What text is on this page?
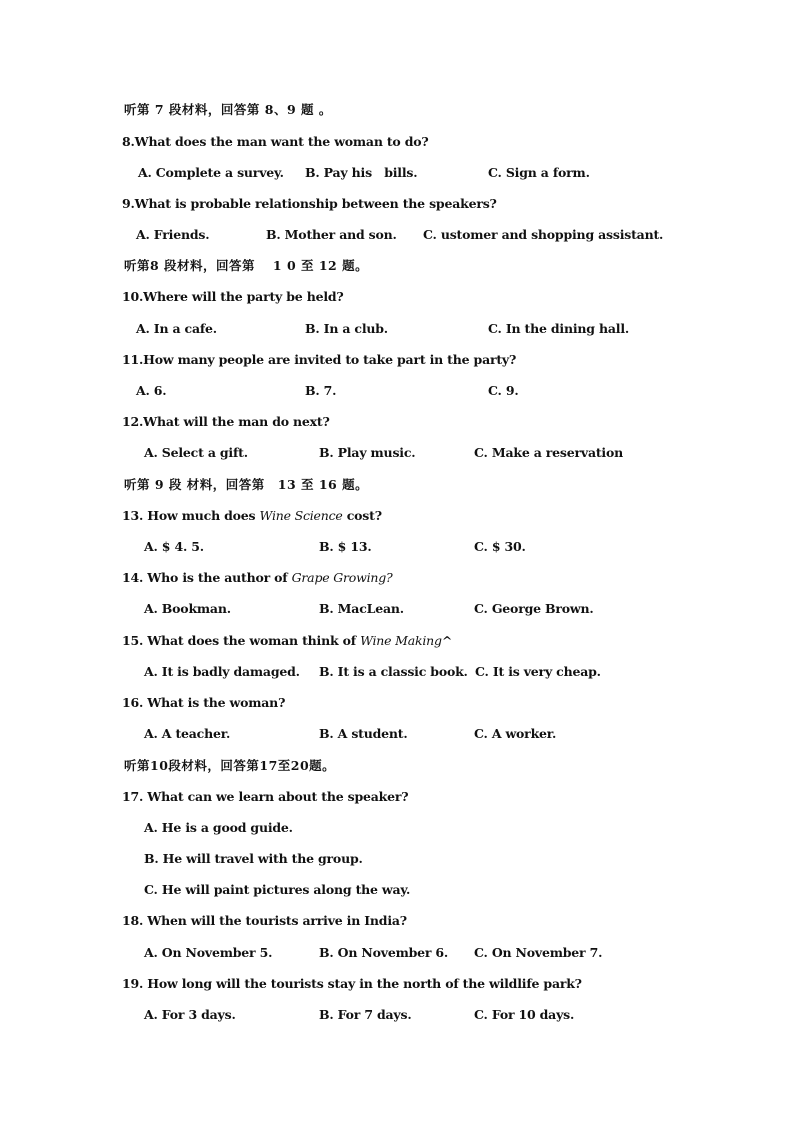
听第 7 段材料，回答第 8、9 题 。
8.What does the man want the woman to do?
A. Complete a survey. B. Pay his　bills.	C. Sign a form.
9.What is probable relationship between the speakers?
A. Friends.	B. Mother and son. C. ustomer and shopping assistant.
听第8 段材料，回答第　 1 0 至 12 题。
10.Where will the party be held?
A. In a cafe.	B. In a club.	C. In the dining hall.
11.How many people are invited to take part in the party?
A. 6.	B. 7.	C. 9.
12.What will the man do next?
A. Select a gift.	B. Play music.	C. Make a reservation
听第 9 段 材料，回答第　13 至 16 题。
13. How much does Wine Science cost?
A. $ 4. 5.	B. $ 13.	C. $ 30.
14. Who is the author of Grape Growing?
A. Bookman.	B. MacLean.	C. George Brown.
15. What does the woman think of Wine Making^
A. It is badly damaged. B. It is a classic book. C. It is very cheap.
16. What is the woman?
A. A teacher.	B. A student.	C. A worker.
听第10段材料，回答第17至20题。
17. What can we learn about the speaker?
A. He is a good guide.
B. He will travel with the group.
C. He will paint pictures along the way.
18. When will the tourists arrive in India?
A. On November 5.	B. On November 6. C. On November 7.
19. How long will the tourists stay in the north of the wildlife park?
A. For 3 days.	B. For 7 days.	C. For 10 days.
